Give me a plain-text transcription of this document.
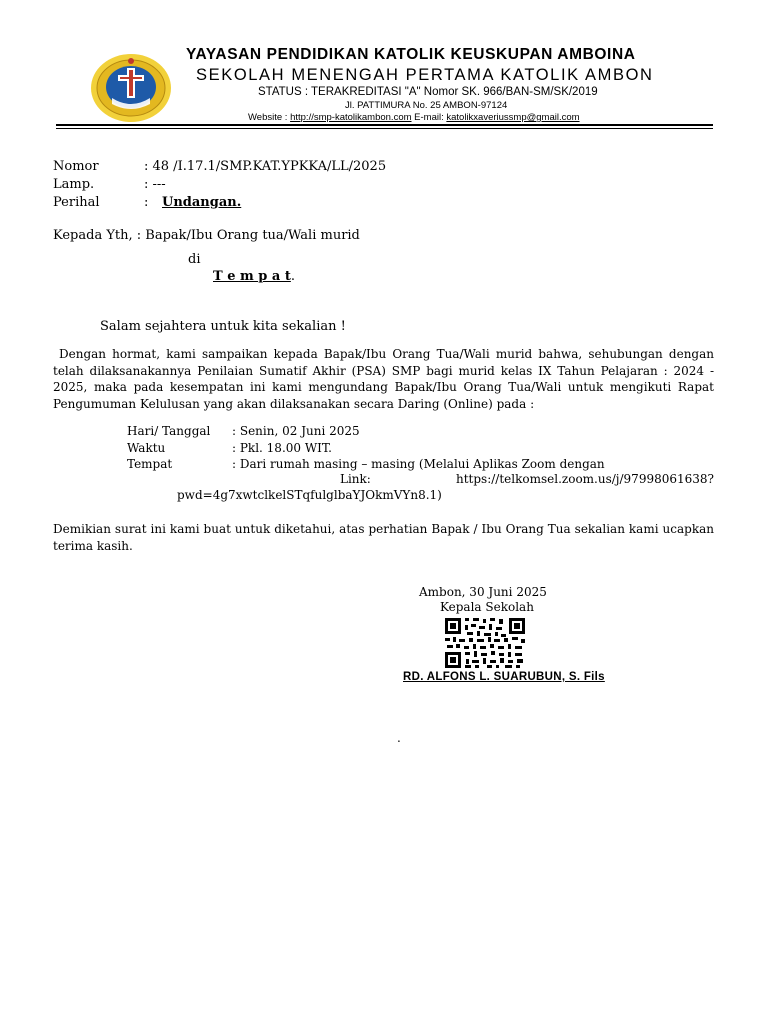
YAYASAN PENDIDIKAN KATOLIK KEUSKUPAN AMBOINA
SEKOLAH MENENGAH PERTAMA KATOLIK AMBON
STATUS : TERAKREDITASI "A" Nomor SK. 966/BAN-SM/SK/2019
Jl. PATTIMURA No. 25 AMBON-97124
Website : http://smp-katolikambon.com E-mail: katolikxaveriussmp@gmail.com
Nomor	: 48 /I.17.1/SMP.KAT.YPKKA/LL/2025
Lamp.	: ---
Perihal	: Undangan.
Kepada Yth, : Bapak/Ibu Orang tua/Wali murid
di
T e m p a t.
Salam sejahtera untuk kita sekalian !
Dengan hormat, kami sampaikan kepada Bapak/Ibu Orang Tua/Wali murid bahwa, sehubungan dengan telah dilaksanakannya Penilaian Sumatif Akhir (PSA) SMP bagi murid kelas IX Tahun Pelajaran : 2024 - 2025, maka pada kesempatan ini kami mengundang Bapak/Ibu Orang Tua/Wali untuk mengikuti Rapat Pengumuman Kelulusan yang akan dilaksanakan secara Daring (Online) pada :
Hari/ Tanggal : Senin, 02 Juni 2025
Waktu	: Pkl. 18.00 WIT.
Tempat	: Dari rumah masing – masing (Melalui Aplikas Zoom dengan
Link:	https://telkomsel.zoom.us/j/97998061638?
pwd=4g7xwtclkelSTqfulglbaYJOkmVYn8.1)
Demikian surat ini kami buat untuk diketahui, atas perhatian Bapak / Ibu Orang Tua sekalian kami ucapkan terima kasih.
Ambon, 30 Juni 2025
Kepala Sekolah
RD. ALFONS L. SUARUBUN, S. Fils
.
